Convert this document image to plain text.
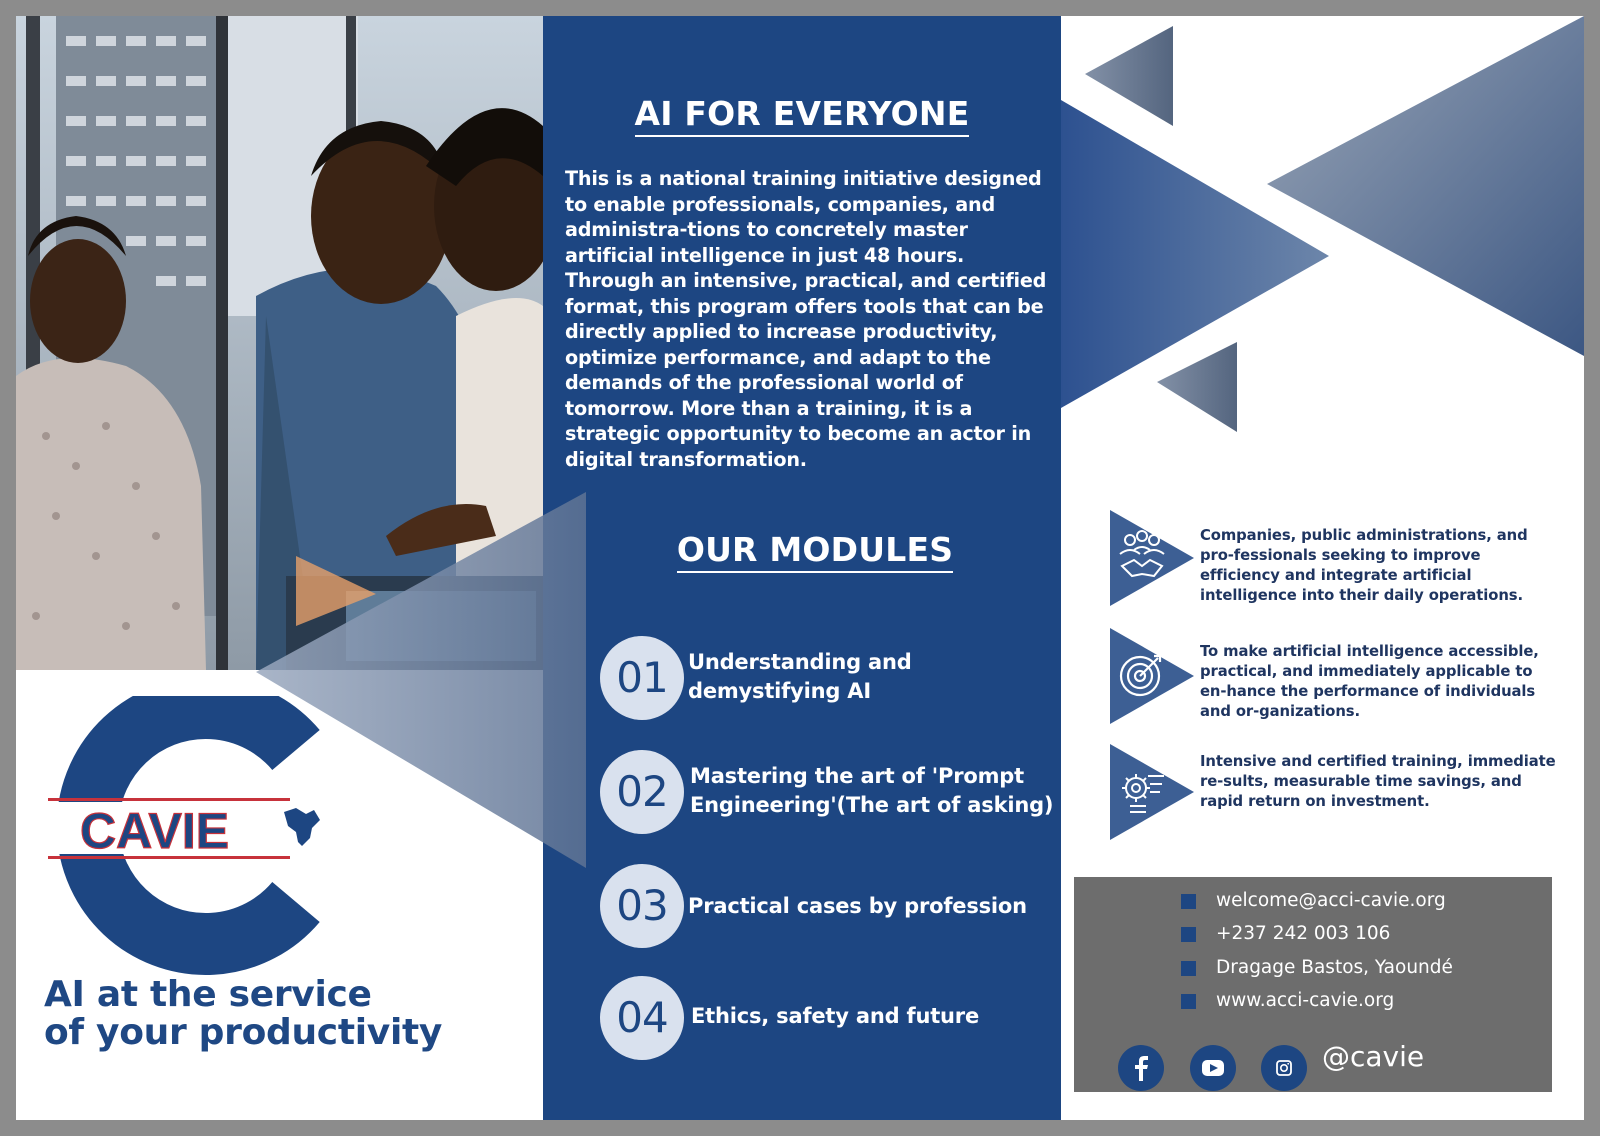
CAVIE
AI at the service
of your productivity
AI FOR EVERYONE
This is a national training initiative designed to enable professionals, companies, and administra-tions to concretely master artificial intelligence in just 48 hours. Through an intensive, practical, and certified format, this program offers tools that can be directly applied to increase productivity, optimize performance, and adapt to the demands of the professional world of tomorrow. More than a training, it is a strategic opportunity to become an actor in digital transformation.
OUR MODULES
01 Understanding and demystifying AI
02	Mastering the art of 'Prompt Engineering'(The art of asking)
03 Practical cases by profession
04	Ethics, safety and future
Companies, public administrations, and pro-fessionals seeking to improve efficiency and integrate artificial intelligence into their daily operations.
To make artificial intelligence accessible, practical, and immediately applicable to en-hance the performance of individuals and or-ganizations.
Intensive and certified training, immediate re-sults, measurable time savings, and rapid return on investment.
welcome@acci-cavie.org
+237 242 003 106
Dragage Bastos, Yaoundé
www.acci-cavie.org
@cavie
